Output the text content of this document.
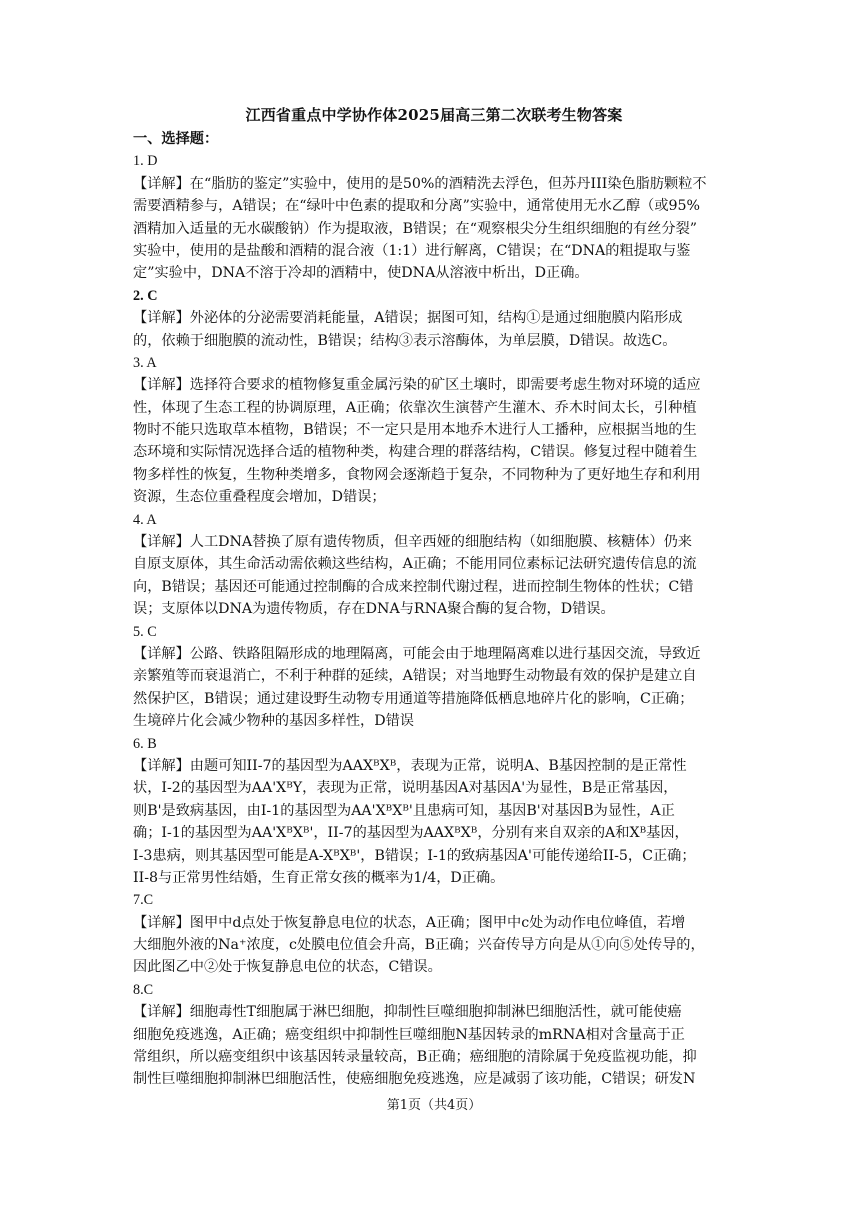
江西省重点中学协作体2025届高三第二次联考生物答案
一、选择题：
1. D
【详解】在“脂肪的鉴定”实验中，使用的是50%的酒精洗去浮色，但苏丹III染色脂肪颗粒不
需要酒精参与，A错误；在“绿叶中色素的提取和分离”实验中，通常使用无水乙醇（或95%
酒精加入适量的无水碳酸钠）作为提取液，B错误；在“观察根尖分生组织细胞的有丝分裂”
实验中，使用的是盐酸和酒精的混合液（1:1）进行解离，C错误；在“DNA的粗提取与鉴
定”实验中，DNA不溶于冷却的酒精中，使DNA从溶液中析出，D正确。
2. C
【详解】外泌体的分泌需要消耗能量，A错误；据图可知，结构①是通过细胞膜内陷形成
的，依赖于细胞膜的流动性，B错误；结构③表示溶酶体，为单层膜，D错误。故选C。
3. A
【详解】选择符合要求的植物修复重金属污染的矿区土壤时，即需要考虑生物对环境的适应
性，体现了生态工程的协调原理，A正确；依靠次生演替产生灌木、乔木时间太长，引种植
物时不能只选取草本植物，B错误；不一定只是用本地乔木进行人工播种，应根据当地的生
态环境和实际情况选择合适的植物种类，构建合理的群落结构，C错误。修复过程中随着生
物多样性的恢复，生物种类增多，食物网会逐渐趋于复杂，不同物种为了更好地生存和利用
资源，生态位重叠程度会增加，D错误；
4. A
【详解】人工DNA替换了原有遗传物质，但辛西娅的细胞结构（如细胞膜、核糖体）仍来
自原支原体，其生命活动需依赖这些结构，A正确；不能用同位素标记法研究遗传信息的流
向，B错误；基因还可能通过控制酶的合成来控制代谢过程，进而控制生物体的性状；C错
误；支原体以DNA为遗传物质，存在DNA与RNA聚合酶的复合物，D错误。
5. C
【详解】公路、铁路阻隔形成的地理隔离，可能会由于地理隔离难以进行基因交流，导致近
亲繁殖等而衰退消亡，不利于种群的延续，A错误；对当地野生动物最有效的保护是建立自
然保护区，B错误；通过建设野生动物专用通道等措施降低栖息地碎片化的影响，C正确；
生境碎片化会减少物种的基因多样性，D错误
6. B
【详解】由题可知II-7的基因型为AAXᴮXᴮ，表现为正常，说明A、B基因控制的是正常性
状，I-2的基因型为AA'XᴮY，表现为正常，说明基因A对基因A'为显性，B是正常基因，
则B'是致病基因，由I-1的基因型为AA'XᴮXᴮ'且患病可知，基因B'对基因B为显性，A正
确；I-1的基因型为AA'XᴮXᴮ'，II-7的基因型为AAXᴮXᴮ，分别有来自双亲的A和Xᴮ基因，
I-3患病，则其基因型可能是A-XᴮXᴮ'，B错误；I-1的致病基因A'可能传递给II-5，C正确；
II-8与正常男性结婚，生育正常女孩的概率为1/4，D正确。
7.C
【详解】图甲中d点处于恢复静息电位的状态，A正确；图甲中c处为动作电位峰值，若增
大细胞外液的Na⁺浓度，c处膜电位值会升高，B正确；兴奋传导方向是从①向⑤处传导的，
因此图乙中②处于恢复静息电位的状态，C错误。
8.C
【详解】细胞毒性T细胞属于淋巴细胞，抑制性巨噬细胞抑制淋巴细胞活性，就可能使癌
细胞免疫逃逸，A正确；癌变组织中抑制性巨噬细胞N基因转录的mRNA相对含量高于正
常组织，所以癌变组织中该基因转录量较高，B正确；癌细胞的清除属于免疫监视功能，抑
制性巨噬细胞抑制淋巴细胞活性，使癌细胞免疫逃逸，应是减弱了该功能，C错误；研发N
第1页（共4页）
